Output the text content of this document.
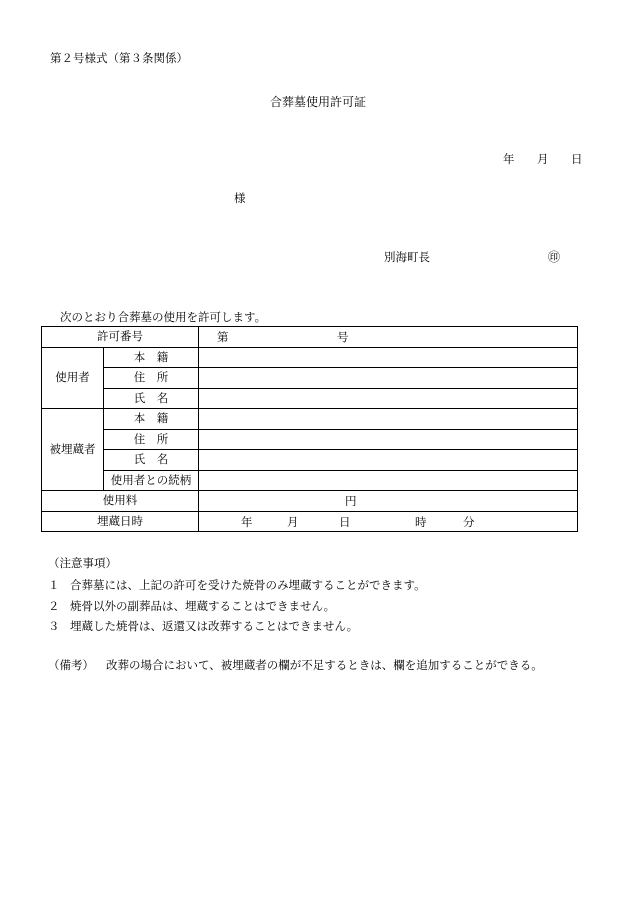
第２号様式（第３条関係）
合葬墓使用許可証
年 月 日
様
別海町長	㊞
次のとおり合葬墓の使用を許可します。
許可番号		第 号

使用者	本　籍	
	住　所	
	氏　名	
被埋蔵者	本　籍	
	住　所	
	氏　名	
	使用者との続柄	
使用料		円

埋蔵日時		年 月 日 時 分
（注意事項）
１ 合葬墓には、上記の許可を受けた焼骨のみ埋蔵することができます。
２ 焼骨以外の副葬品は、埋蔵することはできません。
３ 埋蔵した焼骨は、返還又は改葬することはできません。
（備考） 改葬の場合において、被埋蔵者の欄が不足するときは、欄を追加することができる。
